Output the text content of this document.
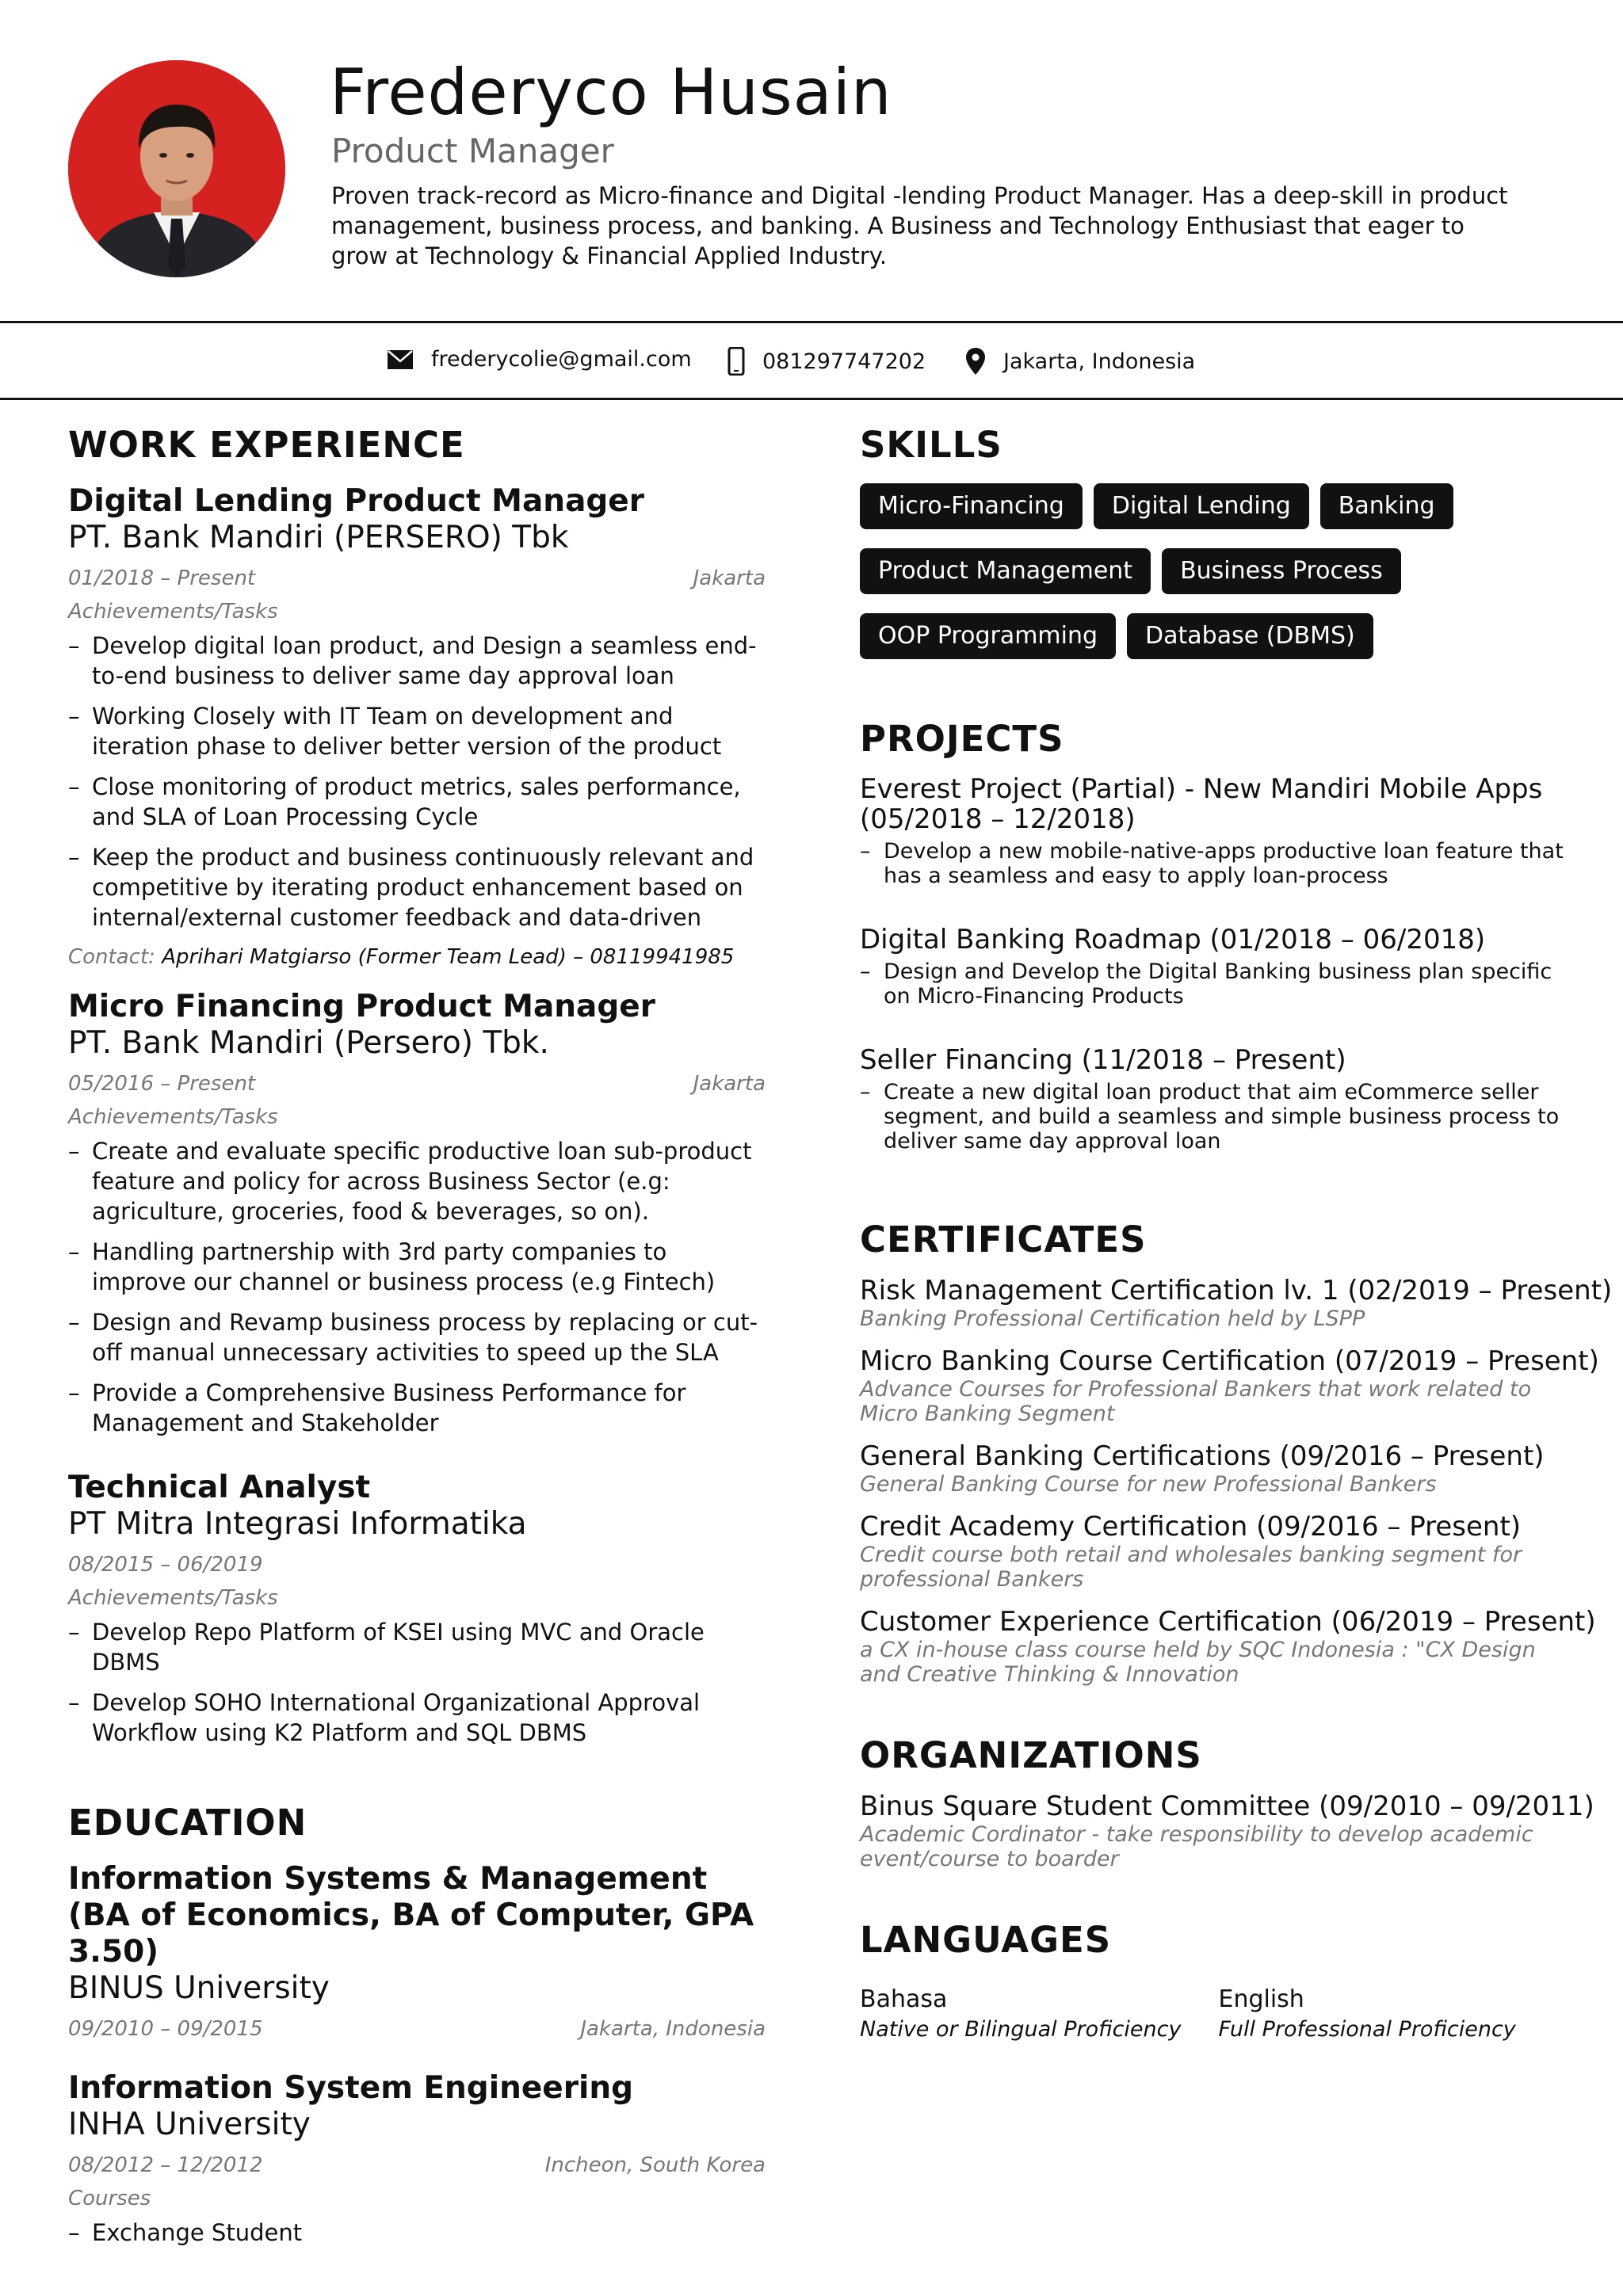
Frederyco Husain
Product Manager
Proven track-record as Micro-finance and Digital -lending Product Manager. Has a deep-skill in product management, business process, and banking. A Business and Technology Enthusiast that eager to grow at Technology & Financial Applied Industry.
frederycolie@gmail.com	081297747202	Jakarta, Indonesia
WORK EXPERIENCE
Digital Lending Product Manager
PT. Bank Mandiri (PERSERO) Tbk
01/2018 – Present	Jakarta
Achievements/Tasks
– Develop digital loan product, and Design a seamless end-to-end business to deliver same day approval loan
– Working Closely with IT Team on development and iteration phase to deliver better version of the product
– Close monitoring of product metrics, sales performance, and SLA of Loan Processing Cycle
– Keep the product and business continuously relevant and competitive by iterating product enhancement based on internal/external customer feedback and data-driven
Contact: Aprihari Matgiarso (Former Team Lead) – 08119941985
Micro Financing Product Manager
PT. Bank Mandiri (Persero) Tbk.
05/2016 – Present	Jakarta
Achievements/Tasks
– Create and evaluate specific productive loan sub-product feature and policy for across Business Sector (e.g: agriculture, groceries, food & beverages, so on).
– Handling partnership with 3rd party companies to improve our channel or business process (e.g Fintech)
– Design and Revamp business process by replacing or cut-off manual unnecessary activities to speed up the SLA
– Provide a Comprehensive Business Performance for Management and Stakeholder
Technical Analyst
PT Mitra Integrasi Informatika
08/2015 – 06/2019
Achievements/Tasks
– Develop Repo Platform of KSEI using MVC and Oracle DBMS
– Develop SOHO International Organizational Approval Workflow using K2 Platform and SQL DBMS
EDUCATION
Information Systems & Management (BA of Economics, BA of Computer, GPA 3.50)
BINUS University
09/2010 – 09/2015	Jakarta, Indonesia
Information System Engineering
INHA University
08/2012 – 12/2012	Incheon, South Korea
Courses
– Exchange Student
SKILLS
Micro-Financing	Digital Lending	Banking
Product Management	Business Process
OOP Programming	Database (DBMS)
PROJECTS
Everest Project (Partial) - New Mandiri Mobile Apps (05/2018 – 12/2018)
– Develop a new mobile-native-apps productive loan feature that has a seamless and easy to apply loan-process
Digital Banking Roadmap (01/2018 – 06/2018)
– Design and Develop the Digital Banking business plan specific on Micro-Financing Products
Seller Financing (11/2018 – Present)
– Create a new digital loan product that aim eCommerce seller segment, and build a seamless and simple business process to deliver same day approval loan
CERTIFICATES
Risk Management Certification lv. 1 (02/2019 – Present)
Banking Professional Certification held by LSPP
Micro Banking Course Certification (07/2019 – Present)
Advance Courses for Professional Bankers that work related to Micro Banking Segment
General Banking Certifications (09/2016 – Present)
General Banking Course for new Professional Bankers
Credit Academy Certification (09/2016 – Present)
Credit course both retail and wholesales banking segment for professional Bankers
Customer Experience Certification (06/2019 – Present)
a CX in-house class course held by SQC Indonesia : "CX Design and Creative Thinking & Innovation
ORGANIZATIONS
Binus Square Student Committee (09/2010 – 09/2011)
Academic Cordinator - take responsibility to develop academic event/course to boarder
LANGUAGES
Bahasa
Native or Bilingual Proficiency
English
Full Professional Proficiency
